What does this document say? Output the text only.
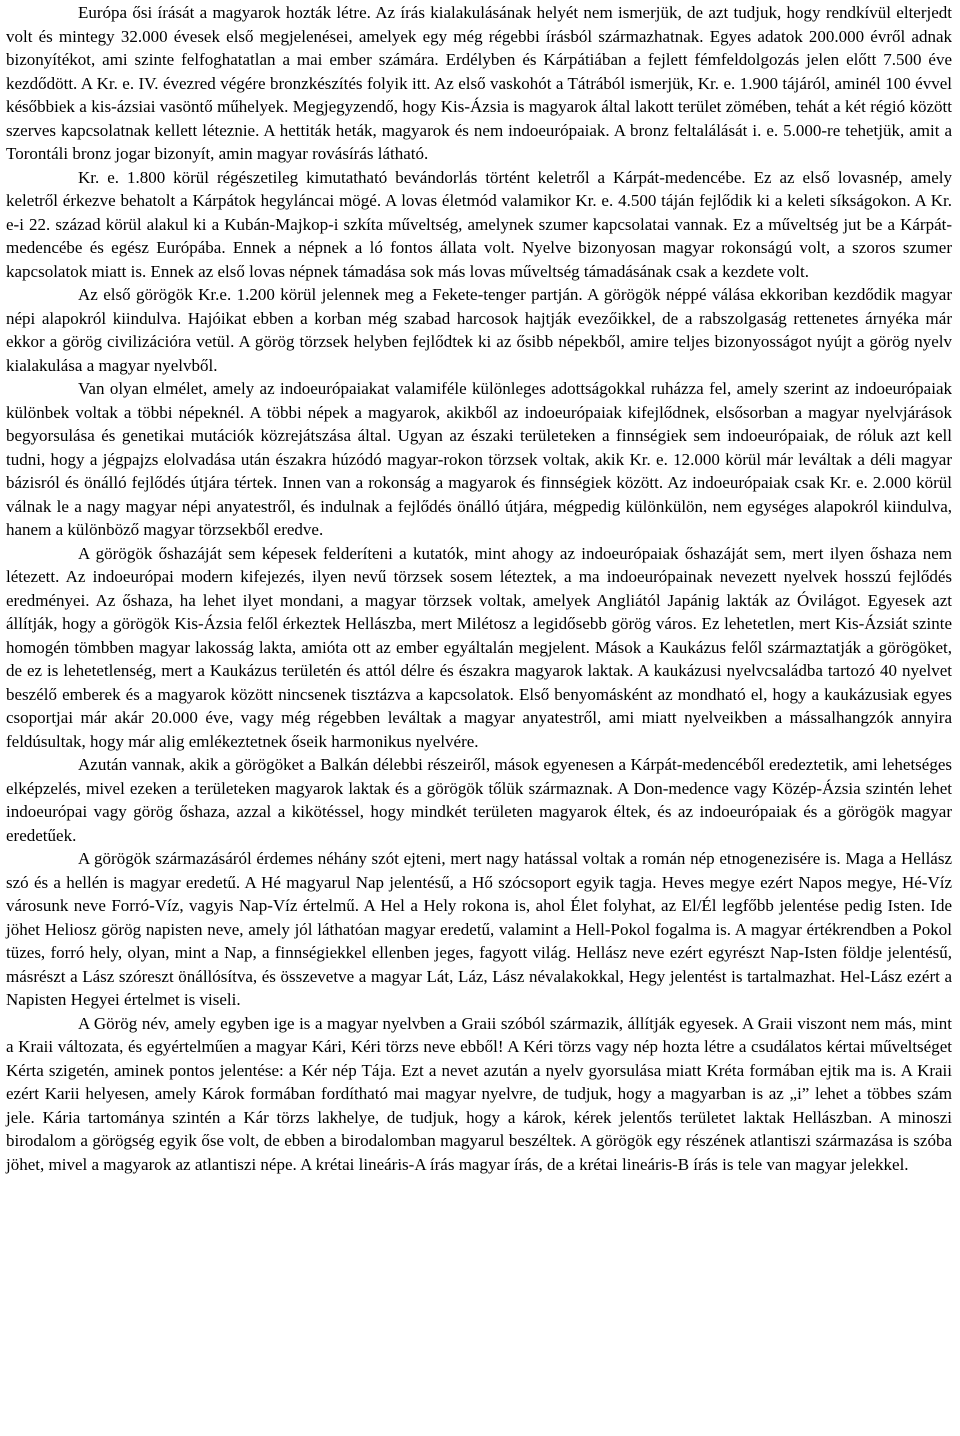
Európa ősi írását a magyarok hozták létre. Az írás kialakulásának helyét nem ismerjük, de azt tudjuk, hogy rendkívül elterjedt volt és mintegy 32.000 évesek első megjelenései, amelyek egy még régebbi írásból származhatnak. Egyes adatok 200.000 évről adnak bizonyítékot, ami szinte felfoghatatlan a mai ember számára. Erdélyben és Kárpátiában a fejlett fémfeldolgozás jelen előtt 7.500 éve kezdődött. A Kr. e. IV. évezred végére bronzkészítés folyik itt. Az első vaskohót a Tátrából ismerjük, Kr. e. 1.900 tájáról, aminél 100 évvel későbbiek a kis-ázsiai vasöntő műhelyek. Megjegyzendő, hogy Kis-Ázsia is magyarok által lakott terület zömében, tehát a két régió között szerves kapcsolatnak kellett léteznie. A hettiták heták, magyarok és nem indoeurópaiak. A bronz feltalálását i. e. 5.000-re tehetjük, amit a Torontáli bronz jogar bizonyít, amin magyar rovásírás látható.

Kr. e. 1.800 körül régészetileg kimutatható bevándorlás történt keletről a Kárpát-medencébe. Ez az első lovasnép, amely keletről érkezve behatolt a Kárpátok hegyláncai mögé. A lovas életmód valamikor Kr. e. 4.500 táján fejlődik ki a keleti síkságokon. A Kr. e-i 22. század körül alakul ki a Kubán-Majkop-i szkíta műveltség, amelynek szumer kapcsolatai vannak. Ez a műveltség jut be a Kárpát-medencébe és egész Európába. Ennek a népnek a ló fontos állata volt. Nyelve bizonyosan magyar rokonságú volt, a szoros szumer kapcsolatok miatt is. Ennek az első lovas népnek támadása sok más lovas műveltség támadásának csak a kezdete volt.

Az első görögök Kr.e. 1.200 körül jelennek meg a Fekete-tenger partján. A görögök néppé válása ekkoriban kezdődik magyar népi alapokról kiindulva. Hajóikat ebben a korban még szabad harcosok hajtják evezőikkel, de a rabszolgaság rettenetes árnyéka már ekkor a görög civilizációra vetül. A görög törzsek helyben fejlődtek ki az ősibb népekből, amire teljes bizonyosságot nyújt a görög nyelv kialakulása a magyar nyelvből.

Van olyan elmélet, amely az indoeurópaiakat valamiféle különleges adottságokkal ruházza fel, amely szerint az indoeurópaiak különbek voltak a többi népeknél. A többi népek a magyarok, akikből az indoeurópaiak kifejlődnek, elsősorban a magyar nyelvjárások begyorsulása és genetikai mutációk közrejátszása által. Ugyan az északi területeken a finnségiek sem indoeurópaiak, de róluk azt kell tudni, hogy a jégpajzs elolvadása után északra húzódó magyar-rokon törzsek voltak, akik Kr. e. 12.000 körül már leváltak a déli magyar bázisról és önálló fejlődés útjára tértek. Innen van a rokonság a magyarok és finnségiek között. Az indoeurópaiak csak Kr. e. 2.000 körül válnak le a nagy magyar népi anyatestről, és indulnak a fejlődés önálló útjára, mégpedig különkülön, nem egységes alapokról kiindulva, hanem a különböző magyar törzsekből eredve.

A görögök őshazáját sem képesek felderíteni a kutatók, mint ahogy az indoeurópaiak őshazáját sem, mert ilyen őshaza nem létezett. Az indoeurópai modern kifejezés, ilyen nevű törzsek sosem léteztek, a ma indoeurópainak nevezett nyelvek hosszú fejlődés eredményei. Az őshaza, ha lehet ilyet mondani, a magyar törzsek voltak, amelyek Angliától Japánig lakták az Óvilágot. Egyesek azt állítják, hogy a görögök Kis-Ázsia felől érkeztek Hellászba, mert Milétosz a legidősebb görög város. Ez lehetetlen, mert Kis-Ázsiát szinte homogén tömbben magyar lakosság lakta, amióta ott az ember egyáltalán megjelent. Mások a Kaukázus felől származtatják a görögöket, de ez is lehetetlenség, mert a Kaukázus területén és attól délre és északra magyarok laktak. A kaukázusi nyelvcsaládba tartozó 40 nyelvet beszélő emberek és a magyarok között nincsenek tisztázva a kapcsolatok. Első benyomásként az mondható el, hogy a kaukázusiak egyes csoportjai már akár 20.000 éve, vagy még régebben leváltak a magyar anyatestről, ami miatt nyelveikben a mássalhangzók annyira feldúsultak, hogy már alig emlékeztetnek őseik harmonikus nyelvére.

Azután vannak, akik a görögöket a Balkán délebbi részeiről, mások egyenesen a Kárpát-medencéből eredeztetik, ami lehetséges elképzelés, mivel ezeken a területeken magyarok laktak és a görögök tőlük származnak. A Don-medence vagy Közép-Ázsia szintén lehet indoeurópai vagy görög őshaza, azzal a kikötéssel, hogy mindkét területen magyarok éltek, és az indoeurópaiak és a görögök magyar eredetűek.

A görögök származásáról érdemes néhány szót ejteni, mert nagy hatással voltak a román nép etnogenezisére is. Maga a Hellász szó és a hellén is magyar eredetű. A Hé magyarul Nap jelentésű, a Hő szócsoport egyik tagja. Heves megye ezért Napos megye, Hé-Víz városunk neve Forró-Víz, vagyis Nap-Víz értelmű. A Hel a Hely rokona is, ahol Élet folyhat, az El/Él legfőbb jelentése pedig Isten. Ide jöhet Heliosz görög napisten neve, amely jól láthatóan magyar eredetű, valamint a Hell-Pokol fogalma is. A magyar értékrendben a Pokol tüzes, forró hely, olyan, mint a Nap, a finnségiekkel ellenben jeges, fagyott világ. Hellász neve ezért egyrészt Nap-Isten földje jelentésű, másrészt a Lász szóreszt önállósítva, és összevetve a magyar Lát, Láz, Lász névalakokkal, Hegy jelentést is tartalmazhat. Hel-Lász ezért a Napisten Hegyei értelmet is viseli.

A Görög név, amely egyben ige is a magyar nyelvben a Graii szóból származik, állítják egyesek. A Graii viszont nem más, mint a Kraii változata, és egyértelműen a magyar Kári, Kéri törzs neve ebből! A Kéri törzs vagy nép hozta létre a csudálatos kértai műveltséget Kérta szigetén, aminek pontos jelentése: a Kér nép Tája. Ezt a nevet azután a nyelv gyorsulása miatt Kréta formában ejtik ma is. A Kraii ezért Karii helyesen, amely Károk formában fordítható mai magyar nyelvre, de tudjuk, hogy a magyarban is az „i” lehet a többes szám jele. Kária tartománya szintén a Kár törzs lakhelye, de tudjuk, hogy a károk, kérek jelentős területet laktak Hellászban. A minoszi birodalom a görögség egyik őse volt, de ebben a birodalomban magyarul beszéltek. A görögök egy részének atlantiszi származása is szóba jöhet, mivel a magyarok az atlantiszi népe. A krétai lineáris-A írás magyar írás, de a krétai lineáris-B írás is tele van magyar jelekkel.
